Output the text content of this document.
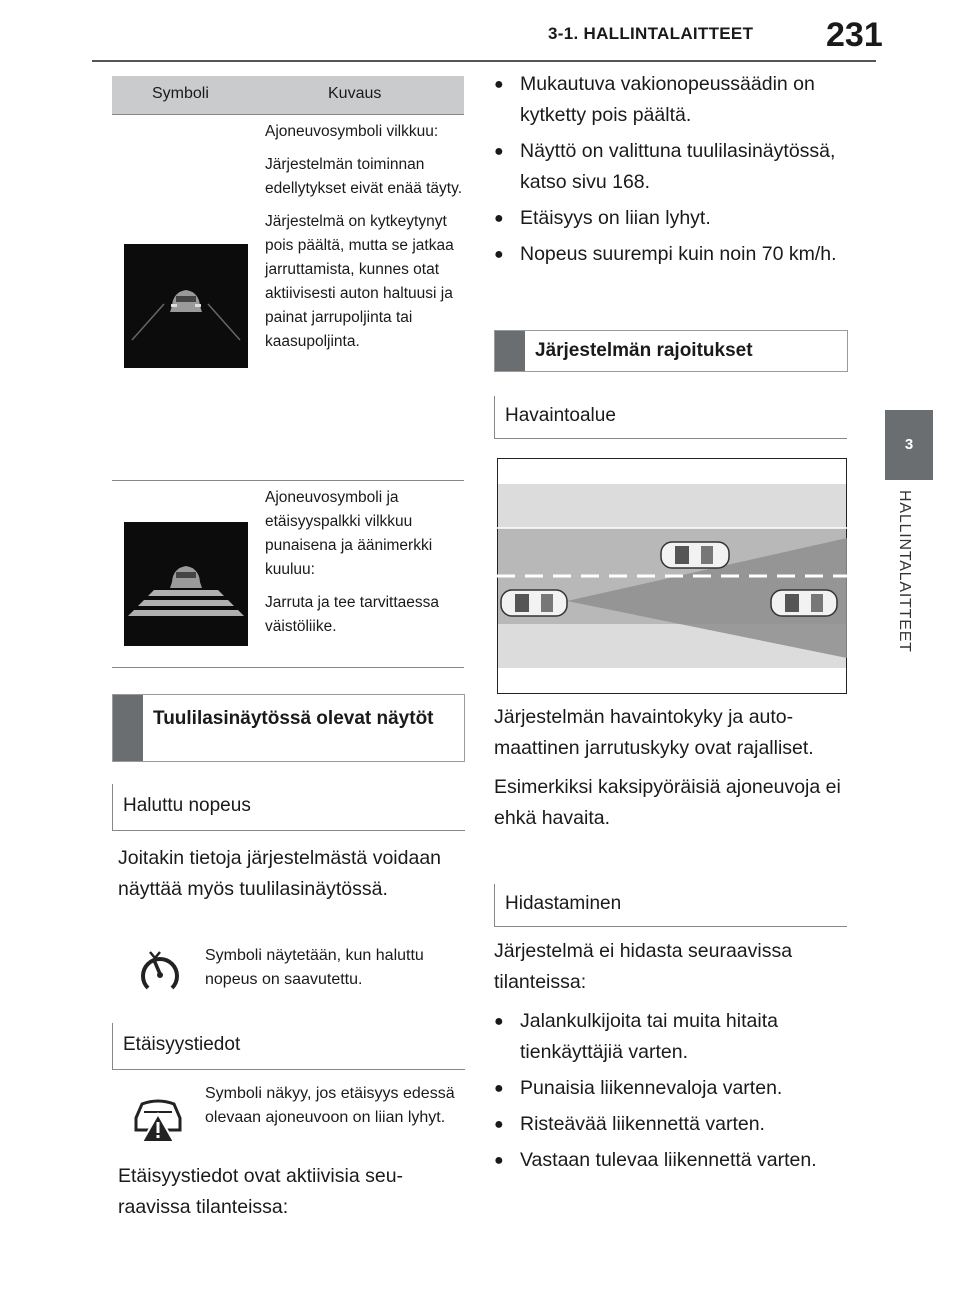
3-1. HALLINTALAITTEET 231
3
HALLINTALAITTEET
Symboli	Kuvaus

Ajoneuvosymboli vilkkuu:

Järjestelmän toiminnan edellytykset eivät enää täyty.

Järjestelmä on kytkeytynyt pois päältä, mutta se jatkaa jarruttamista, kunnes otat aktiivisesti auton haltuusi ja painat jarrupoljinta tai kaasupoljinta.

Ajoneuvosymboli ja etäisyyspalkki vilkkuu punaisena ja äänimerkki kuuluu:

Jarruta ja tee tarvittaessa väistöliike.

Tuulilasinäytössä olevat näytöt
Haluttu nopeus
Joitakin tietoja järjestelmästä voidaan näyttää myös tuulilasinäytössä.
Symboli näytetään, kun haluttu nopeus on saavutettu.
Etäisyystiedot
Symboli näkyy, jos etäisyys edessä olevaan ajoneuvoon on liian lyhyt.
Etäisyystiedot ovat aktiivisia seuraavissa tilanteissa:
● Mukautuva vakionopeussäädin on kytketty pois päältä.
● Näyttö on valittuna tuulilasinäytössä, katso sivu 168.
● Etäisyys on liian lyhyt.
● Nopeus suurempi kuin noin 70 km/h.
Järjestelmän rajoitukset
Havaintoalue

Järjestelmän havaintokyky ja automaattinen jarrutuskyky ovat rajalliset.

Esimerkiksi kaksipyöräisiä ajoneuvoja ei ehkä havaita.

Hidastaminen

Järjestelmä ei hidasta seuraavissa tilanteissa:

● Jalankulkijoita tai muita hitaita tienkäyttäjiä varten.
● Punaisia liikennevaloja varten.
● Risteävää liikennettä varten.
● Vastaan tulevaa liikennettä varten.
